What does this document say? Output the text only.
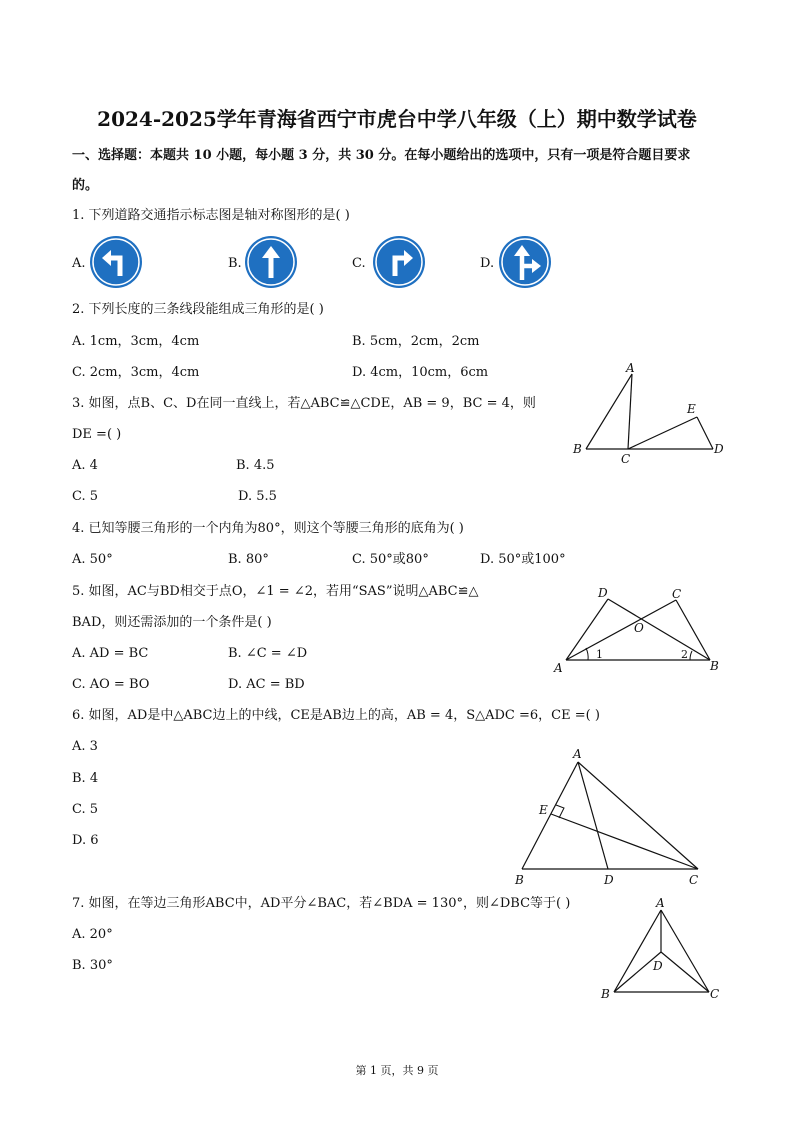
2024-2025学年青海省西宁市虎台中学八年级（上）期中数学试卷
一、选择题：本题共 10 小题，每小题 3 分，共 30 分。在每小题给出的选项中，只有一项是符合题目要求
的。
1. 下列道路交通指示标志图是轴对称图形的是( )
A.	B.	C.	D.
2. 下列长度的三条线段能组成三角形的是( )
A. 1cm，3cm，4cm	B. 5cm，2cm，2cm
C. 2cm，3cm，4cm	D. 4cm，10cm，6cm
3. 如图，点B、C、D在同一直线上，若△ABC≌△CDE，AB = 9，BC = 4，则
DE =( )
A. 4	B. 4.5
C. 5	D. 5.5
A
B
C
D
E
4. 已知等腰三角形的一个内角为80°，则这个等腰三角形的底角为( )
A. 50°	B. 80°	C. 50°或80°	D. 50°或100°
5. 如图，AC与BD相交于点O，∠1 = ∠2，若用“SAS”说明△ABC≌△
BAD，则还需添加的一个条件是( )
A. AD = BC	B. ∠C = ∠D
C. AO = BO	D. AC = BD
D	C
O
A	B
1	2
6. 如图，AD是中△ABC边上的中线，CE是AB边上的高，AB = 4，S△ADC =6，CE =( )
A. 3
B. 4
C. 5
D. 6
A
E
B	D	C
7. 如图，在等边三角形ABC中，AD平分∠BAC，若∠BDA = 130°，则∠DBC等于( )
A. 20°
B. 30°
A
D
B	C
第 1 页，共 9 页
